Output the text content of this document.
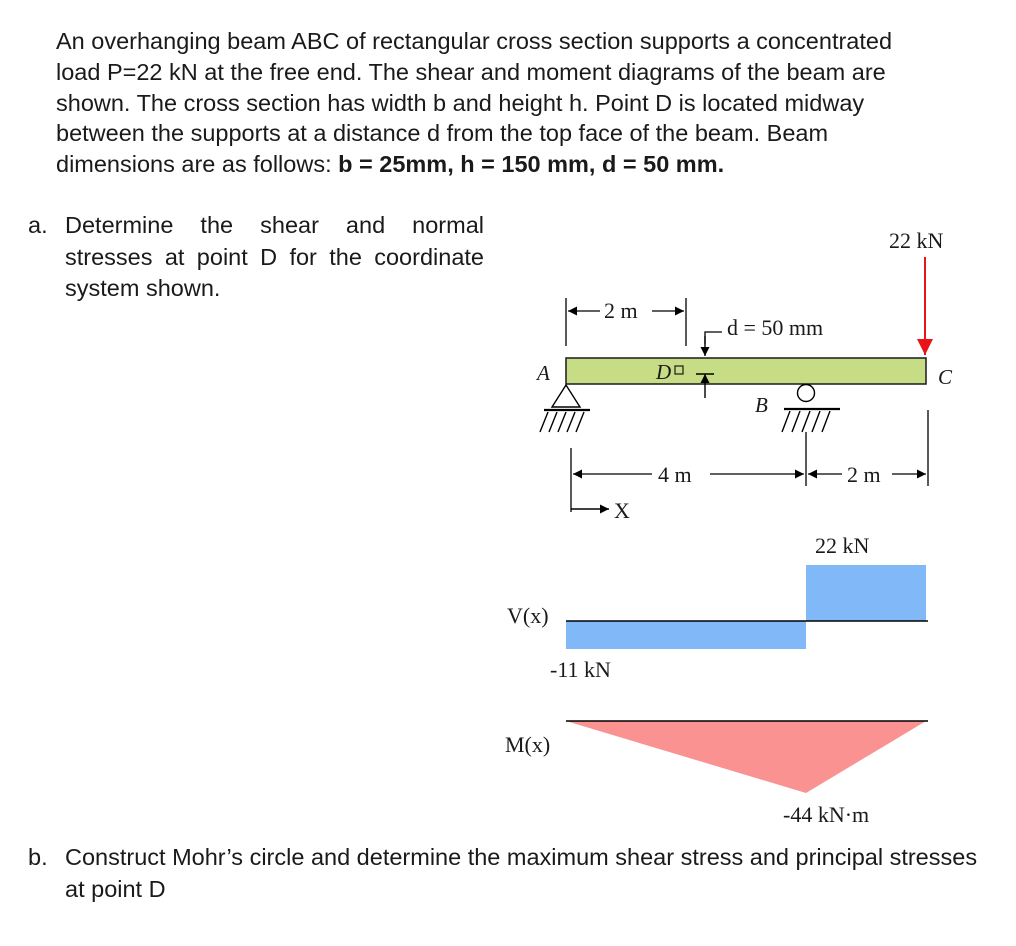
An overhanging beam ABC of rectangular cross section supports a concentrated
load P=22 kN at the free end. The shear and moment diagrams of the beam are
shown. The cross section has width b and height h. Point D is located midway
between the supports at a distance d from the top face of the beam. Beam
dimensions are as follows: b = 25mm, h = 150 mm, d = 50 mm.
a. Determine the shear and normal stresses at point D for the coordinate system shown.
22 kN
A	C
B
D
d = 50 mm
2 m
4 m	2 m
X
V(x)
22 kN
-11 kN
M(x)
-44 kN·m
b. Construct Mohr’s circle and determine the maximum shear stress and principal stresses at point D
